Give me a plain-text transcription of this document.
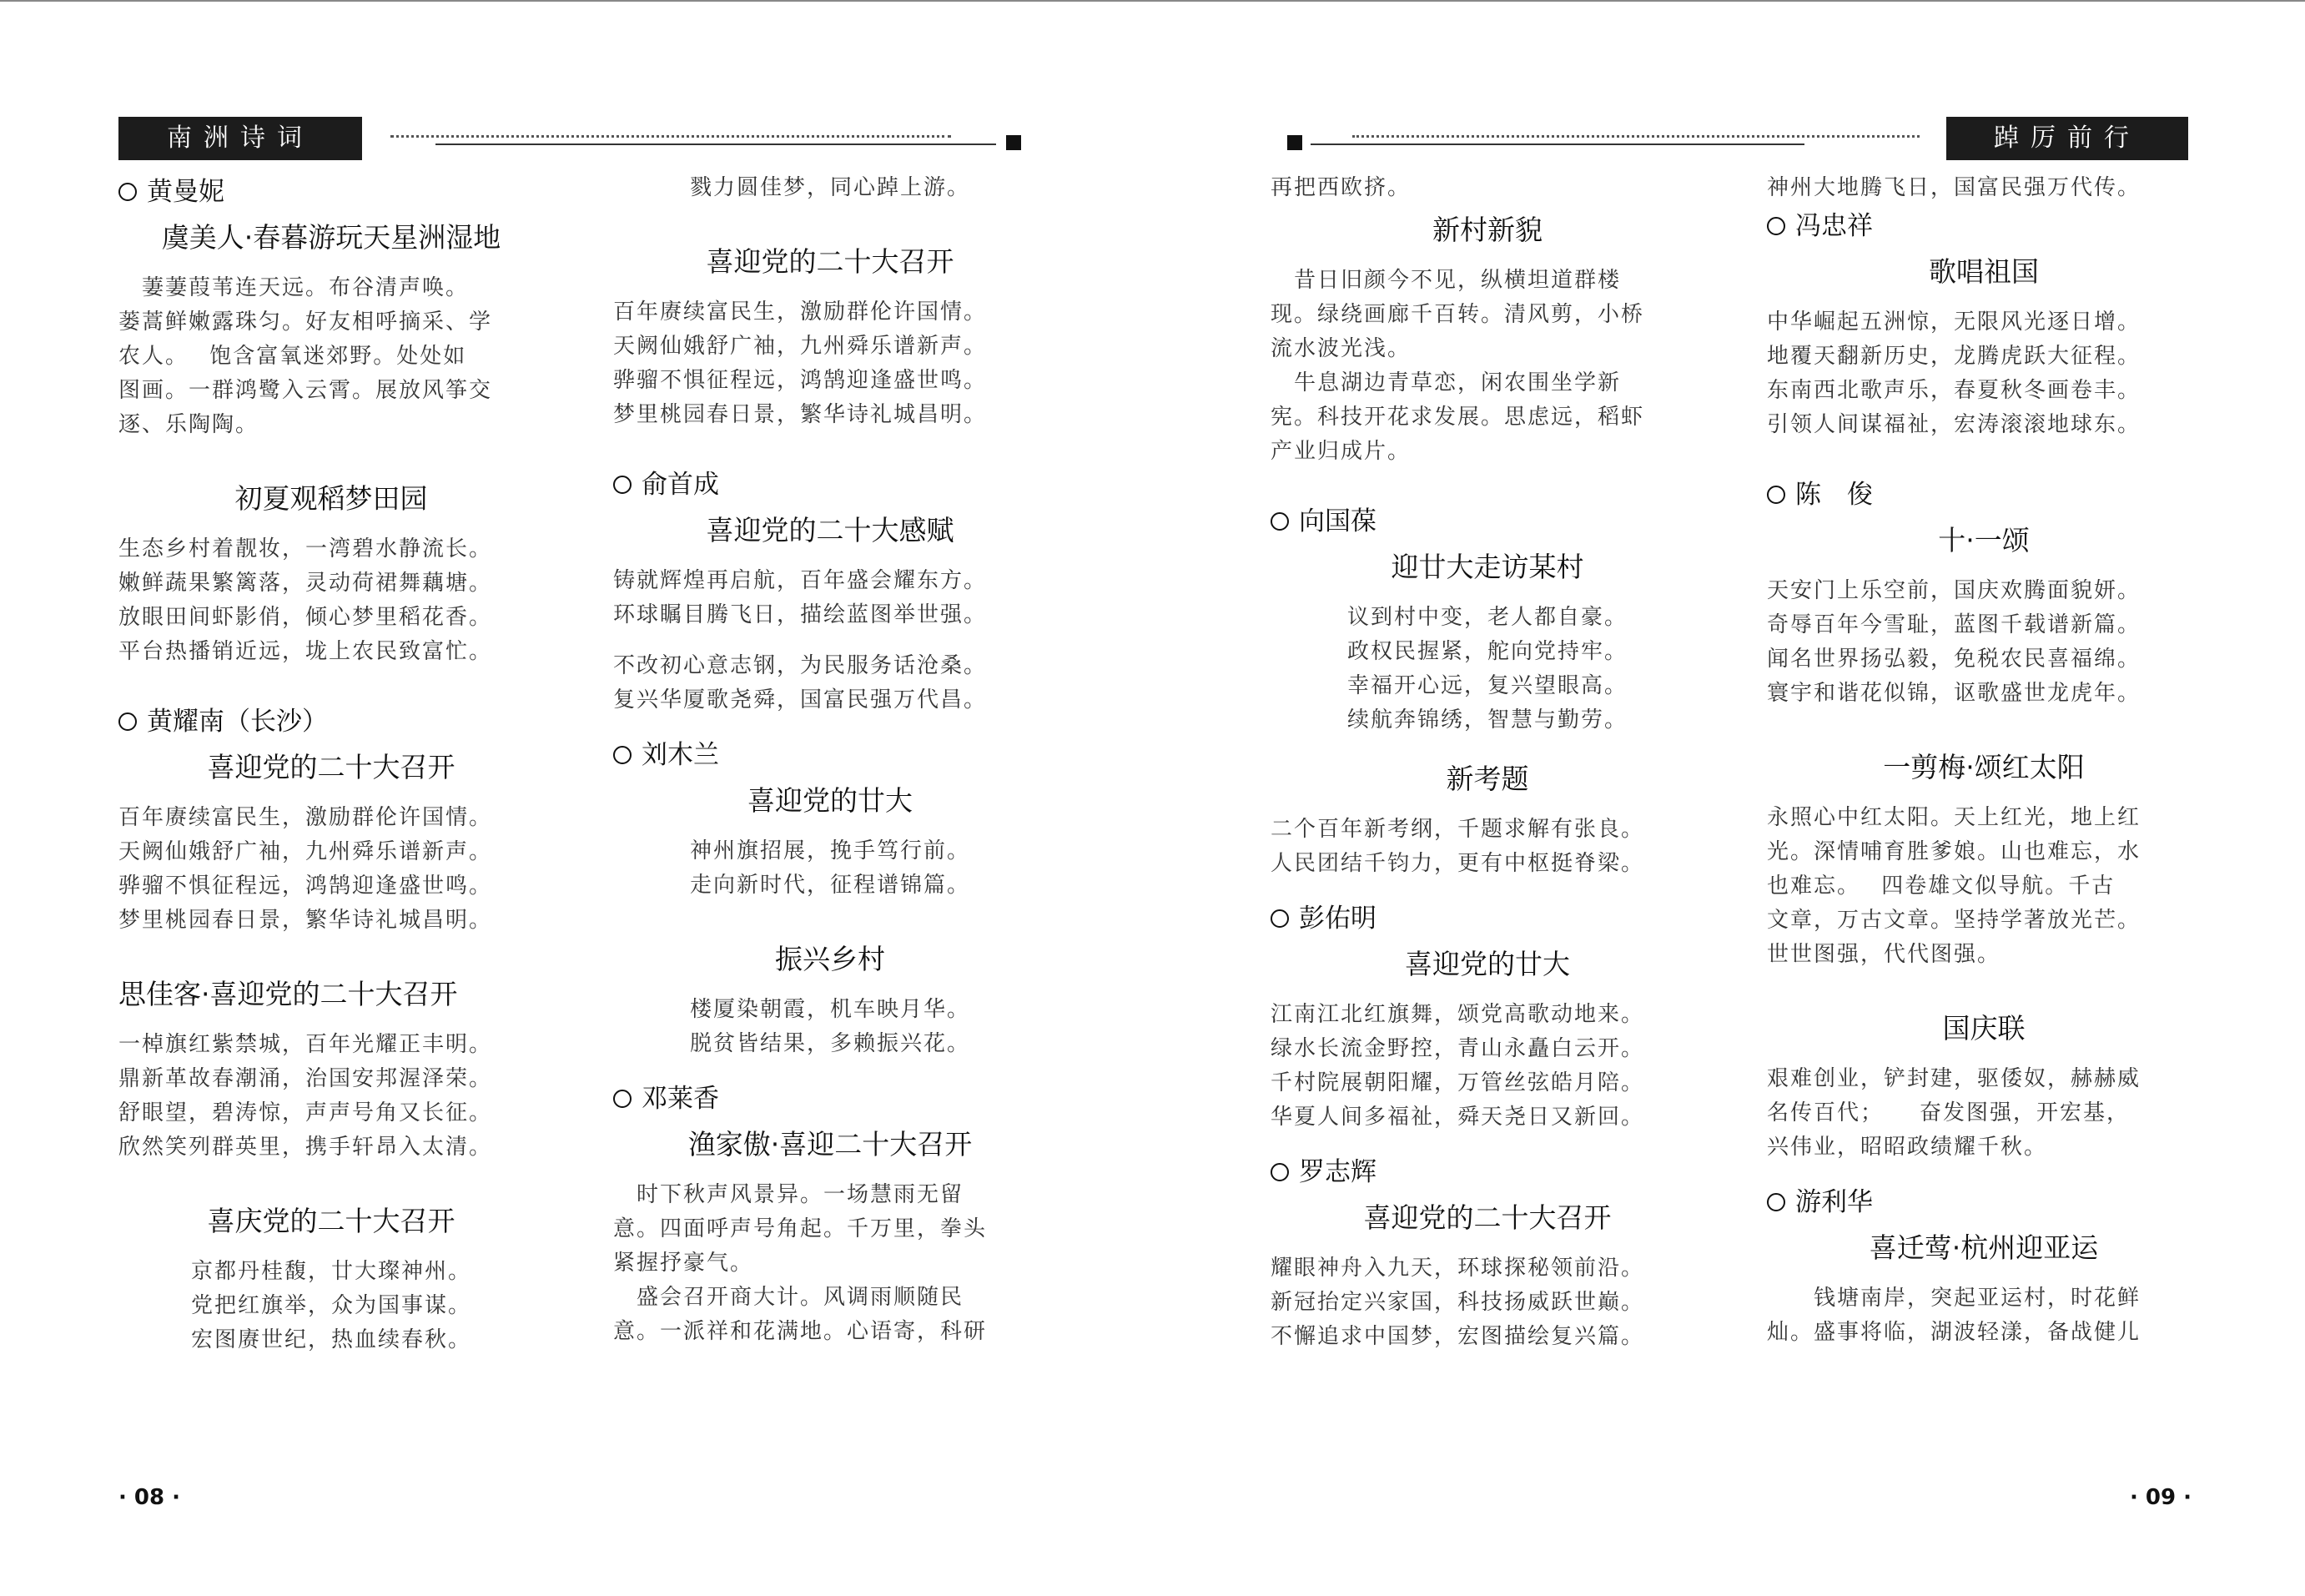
南洲诗词
黄曼妮
虞美人·春暮游玩天星洲湿地
　萋萋葭苇连天远。布谷清声唤。
蒌蒿鲜嫩露珠匀。好友相呼摘采、学
农人。　 饱含富氧迷郊野。处处如
图画。一群鸿鹭入云霄。展放风筝交
逐、乐陶陶。
初夏观稻梦田园
生态乡村着靓妆，一湾碧水静流长。
嫩鲜蔬果繁篱落，灵动荷裙舞藕塘。
放眼田间虾影俏，倾心梦里稻花香。
平台热播销近远，垅上农民致富忙。
黄耀南（长沙）
喜迎党的二十大召开
百年赓续富民生，激励群伦许国情。
天阙仙娥舒广袖，九州舜乐谱新声。
骅骝不惧征程远，鸿鹄迎逢盛世鸣。
梦里桃园春日景，繁华诗礼城昌明。
思佳客·喜迎党的二十大召开
一棹旗红紫禁城，百年光耀正丰明。
鼎新革故春潮涌，治国安邦渥泽荣。
舒眼望，碧涛惊，声声号角又长征。
欣然笑列群英里，携手轩昂入太清。
喜庆党的二十大召开
京都丹桂馥，廿大璨神州。
党把红旗举，众为国事谋。
宏图赓世纪，热血续春秋。
戮力圆佳梦，同心踔上游。
喜迎党的二十大召开
百年赓续富民生，激励群伦许国情。
天阙仙娥舒广袖，九州舜乐谱新声。
骅骝不惧征程远，鸿鹄迎逢盛世鸣。
梦里桃园春日景，繁华诗礼城昌明。
俞首成
喜迎党的二十大感赋
铸就辉煌再启航，百年盛会耀东方。
环球瞩目腾飞日，描绘蓝图举世强。
不改初心意志钢，为民服务话沧桑。
复兴华厦歌尧舜，国富民强万代昌。
刘木兰
喜迎党的廿大
神州旗招展，挽手笃行前。
走向新时代，征程谱锦篇。
振兴乡村
楼厦染朝霞，机车映月华。
脱贫皆结果，多赖振兴花。
邓莱香
渔家傲·喜迎二十大召开
　时下秋声风景异。一场慧雨无留
意。四面呼声号角起。千万里，拳头
紧握抒豪气。
　盛会召开商大计。风调雨顺随民
意。一派祥和花满地。心语寄，科研
· 08 ·
踔厉前行
再把西欧挤。
新村新貌
　昔日旧颜今不见，纵横坦道群楼
现。绿绕画廊千百转。清风剪，小桥
流水波光浅。
　牛息湖边青草恋，闲农围坐学新
宪。科技开花求发展。思虑远，稻虾
产业归成片。
向国葆
迎廿大走访某村
议到村中变，老人都自豪。
政权民握紧，舵向党持牢。
幸福开心远，复兴望眼高。
续航奔锦绣，智慧与勤劳。
新考题
二个百年新考纲，千题求解有张良。
人民团结千钧力，更有中枢挺脊梁。
彭佑明
喜迎党的廿大
江南江北红旗舞，颂党高歌动地来。
绿水长流金野控，青山永矗白云开。
千村院展朝阳耀，万管丝弦皓月陪。
华夏人间多福祉，舜天尧日又新回。
罗志辉
喜迎党的二十大召开
耀眼神舟入九天，环球探秘领前沿。
新冠抬定兴家国，科技扬威跃世巅。
不懈追求中国梦，宏图描绘复兴篇。
神州大地腾飞日，国富民强万代传。
冯忠祥
歌唱祖国
中华崛起五洲惊，无限风光逐日增。
地覆天翻新历史，龙腾虎跃大征程。
东南西北歌声乐，春夏秋冬画卷丰。
引领人间谋福祉，宏涛滚滚地球东。
陈　俊
十·一颂
天安门上乐空前，国庆欢腾面貌妍。
奇辱百年今雪耻，蓝图千载谱新篇。
闻名世界扬弘毅，免税农民喜福绵。
寰宇和谐花似锦，讴歌盛世龙虎年。
一剪梅·颂红太阳
永照心中红太阳。天上红光，地上红
光。深情哺育胜爹娘。山也难忘，水
也难忘。　 四卷雄文似导航。千古
文章，万古文章。坚持学著放光芒。
世世图强，代代图强。
国庆联
艰难创业，铲封建，驱倭奴，赫赫威
名传百代；　　奋发图强，开宏基，
兴伟业，昭昭政绩耀千秋。
游利华
喜迁莺·杭州迎亚运
　　钱塘南岸，突起亚运村，时花鲜
灿。盛事将临，湖波轻漾，备战健儿
· 09 ·
